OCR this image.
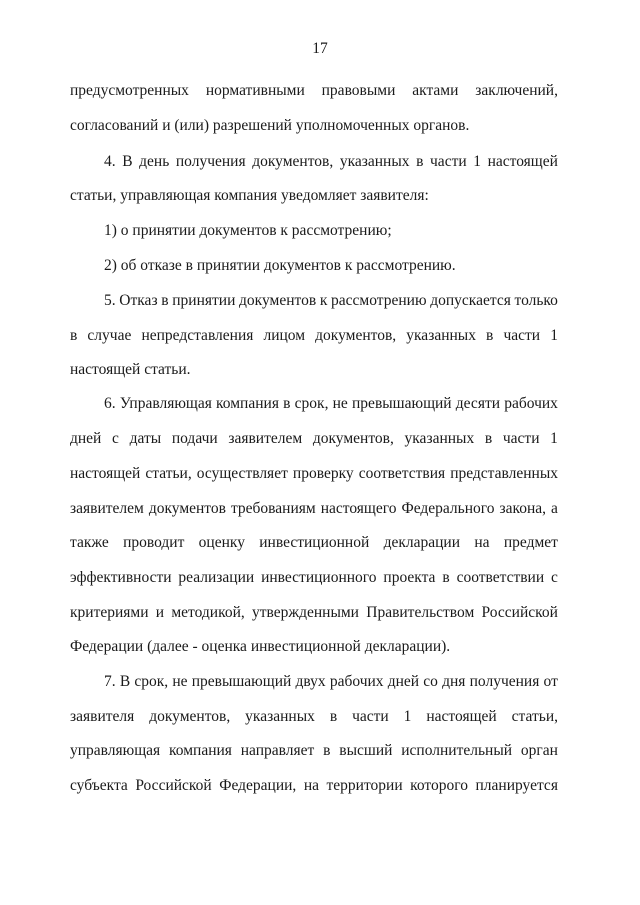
17
предусмотренных нормативными правовыми актами заключений,
согласований и (или) разрешений уполномоченных органов.
4. В день получения документов, указанных в части 1 настоящей
статьи, управляющая компания уведомляет заявителя:
1) о принятии документов к рассмотрению;
2) об отказе в принятии документов к рассмотрению.
5. Отказ в принятии документов к рассмотрению допускается только
в случае непредставления лицом документов, указанных в части 1
настоящей статьи.
6. Управляющая компания в срок, не превышающий десяти рабочих
дней с даты подачи заявителем документов, указанных в части 1
настоящей статьи, осуществляет проверку соответствия представленных
заявителем документов требованиям настоящего Федерального закона, а
также проводит оценку инвестиционной декларации на предмет
эффективности реализации инвестиционного проекта в соответствии с
критериями и методикой, утвержденными Правительством Российской
Федерации (далее - оценка инвестиционной декларации).
7. В срок, не превышающий двух рабочих дней со дня получения от
заявителя документов, указанных в части 1 настоящей статьи,
управляющая компания направляет в высший исполнительный орган
субъекта Российской Федерации, на территории которого планируется
